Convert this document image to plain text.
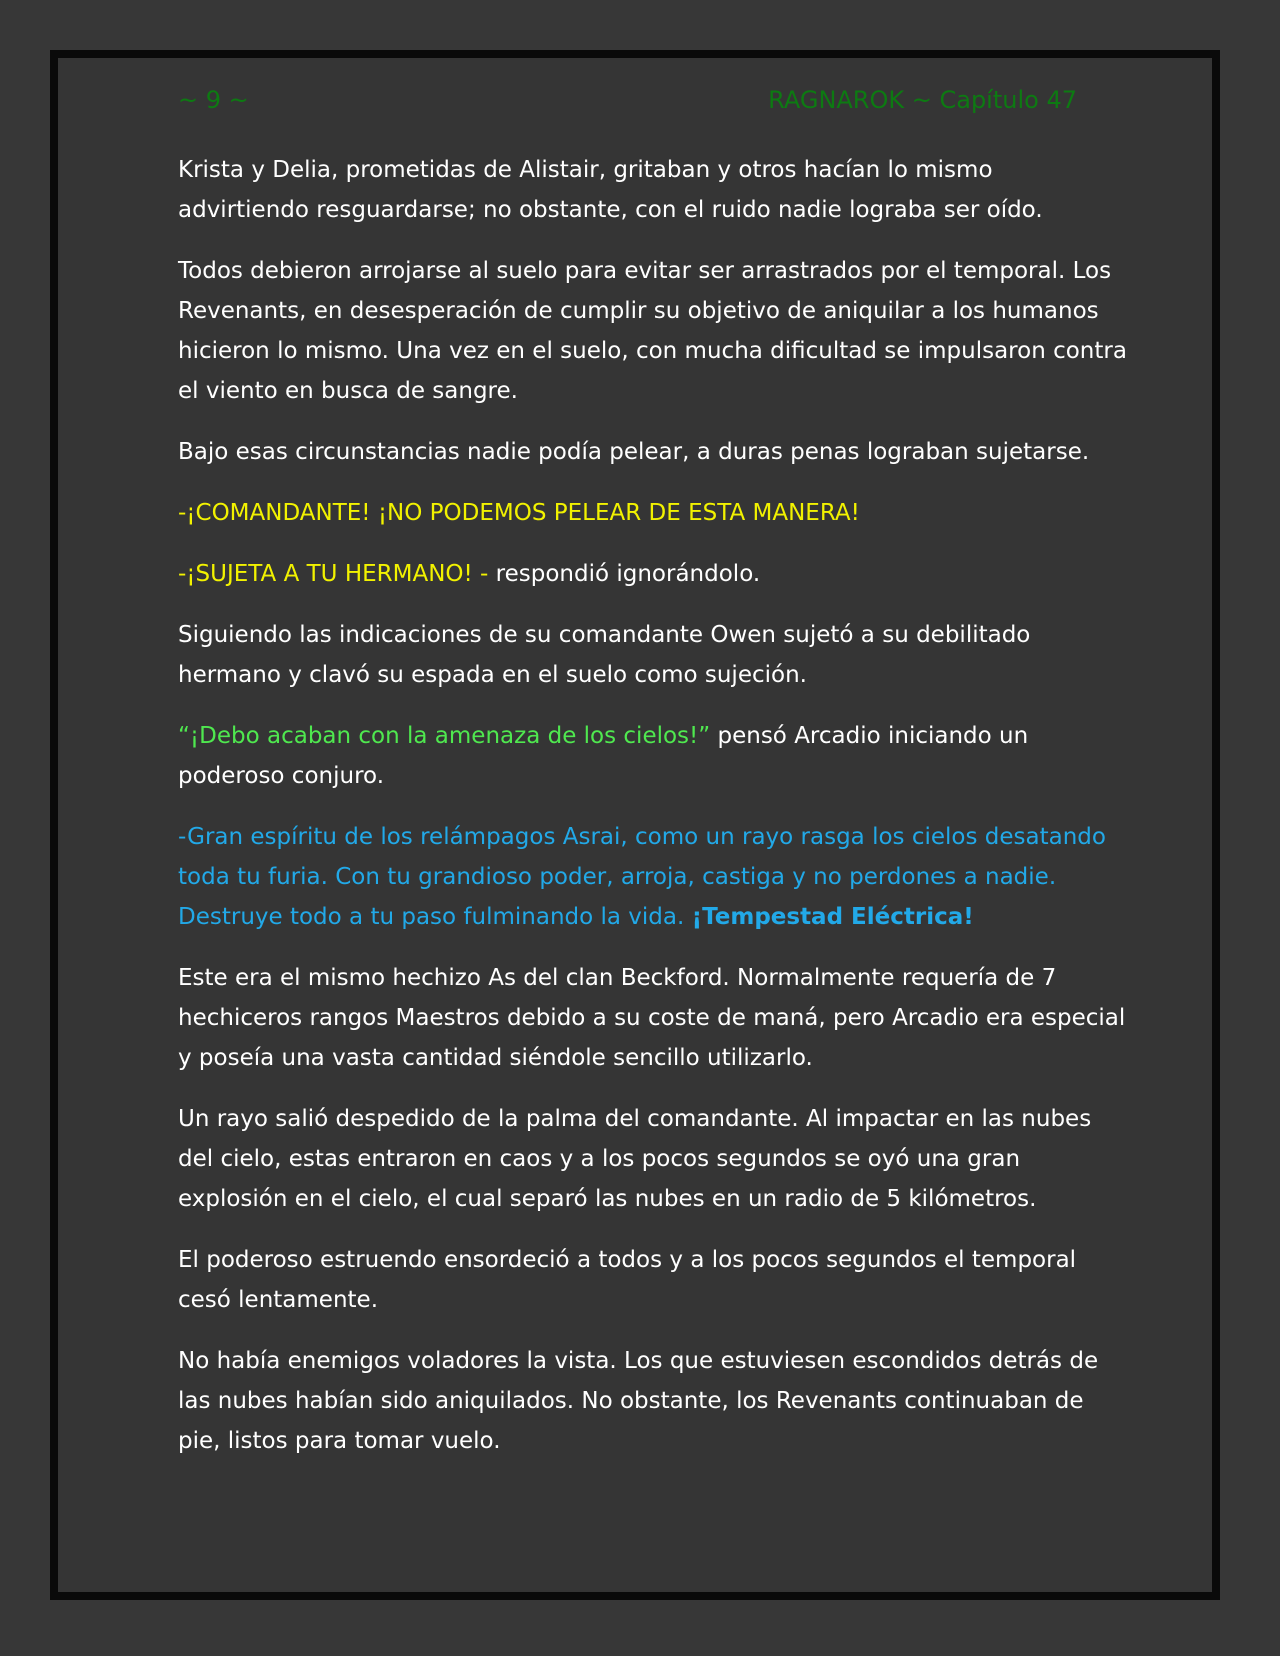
~ 9 ~	RAGNAROK ~ Capítulo 47

Krista y Delia, prometidas de Alistair, gritaban y otros hacían lo mismo advirtiendo resguardarse; no obstante, con el ruido nadie lograba ser oído.

Todos debieron arrojarse al suelo para evitar ser arrastrados por el temporal. Los Revenants, en desesperación de cumplir su objetivo de aniquilar a los humanos hicieron lo mismo. Una vez en el suelo, con mucha dificultad se impulsaron contra el viento en busca de sangre.

Bajo esas circunstancias nadie podía pelear, a duras penas lograban sujetarse.

-¡COMANDANTE! ¡NO PODEMOS PELEAR DE ESTA MANERA!

-¡SUJETA A TU HERMANO! - respondió ignorándolo.

Siguiendo las indicaciones de su comandante Owen sujetó a su debilitado hermano y clavó su espada en el suelo como sujeción.

“¡Debo acaban con la amenaza de los cielos!” pensó Arcadio iniciando un poderoso conjuro.

-Gran espíritu de los relámpagos Asrai, como un rayo rasga los cielos desatando toda tu furia. Con tu grandioso poder, arroja, castiga y no perdones a nadie. Destruye todo a tu paso fulminando la vida. ¡Tempestad Eléctrica!

Este era el mismo hechizo As del clan Beckford. Normalmente requería de 7 hechiceros rangos Maestros debido a su coste de maná, pero Arcadio era especial y poseía una vasta cantidad siéndole sencillo utilizarlo.

Un rayo salió despedido de la palma del comandante. Al impactar en las nubes del cielo, estas entraron en caos y a los pocos segundos se oyó una gran explosión en el cielo, el cual separó las nubes en un radio de 5 kilómetros.

El poderoso estruendo ensordeció a todos y a los pocos segundos el temporal cesó lentamente.

No había enemigos voladores la vista. Los que estuviesen escondidos detrás de las nubes habían sido aniquilados. No obstante, los Revenants continuaban de pie, listos para tomar vuelo.
